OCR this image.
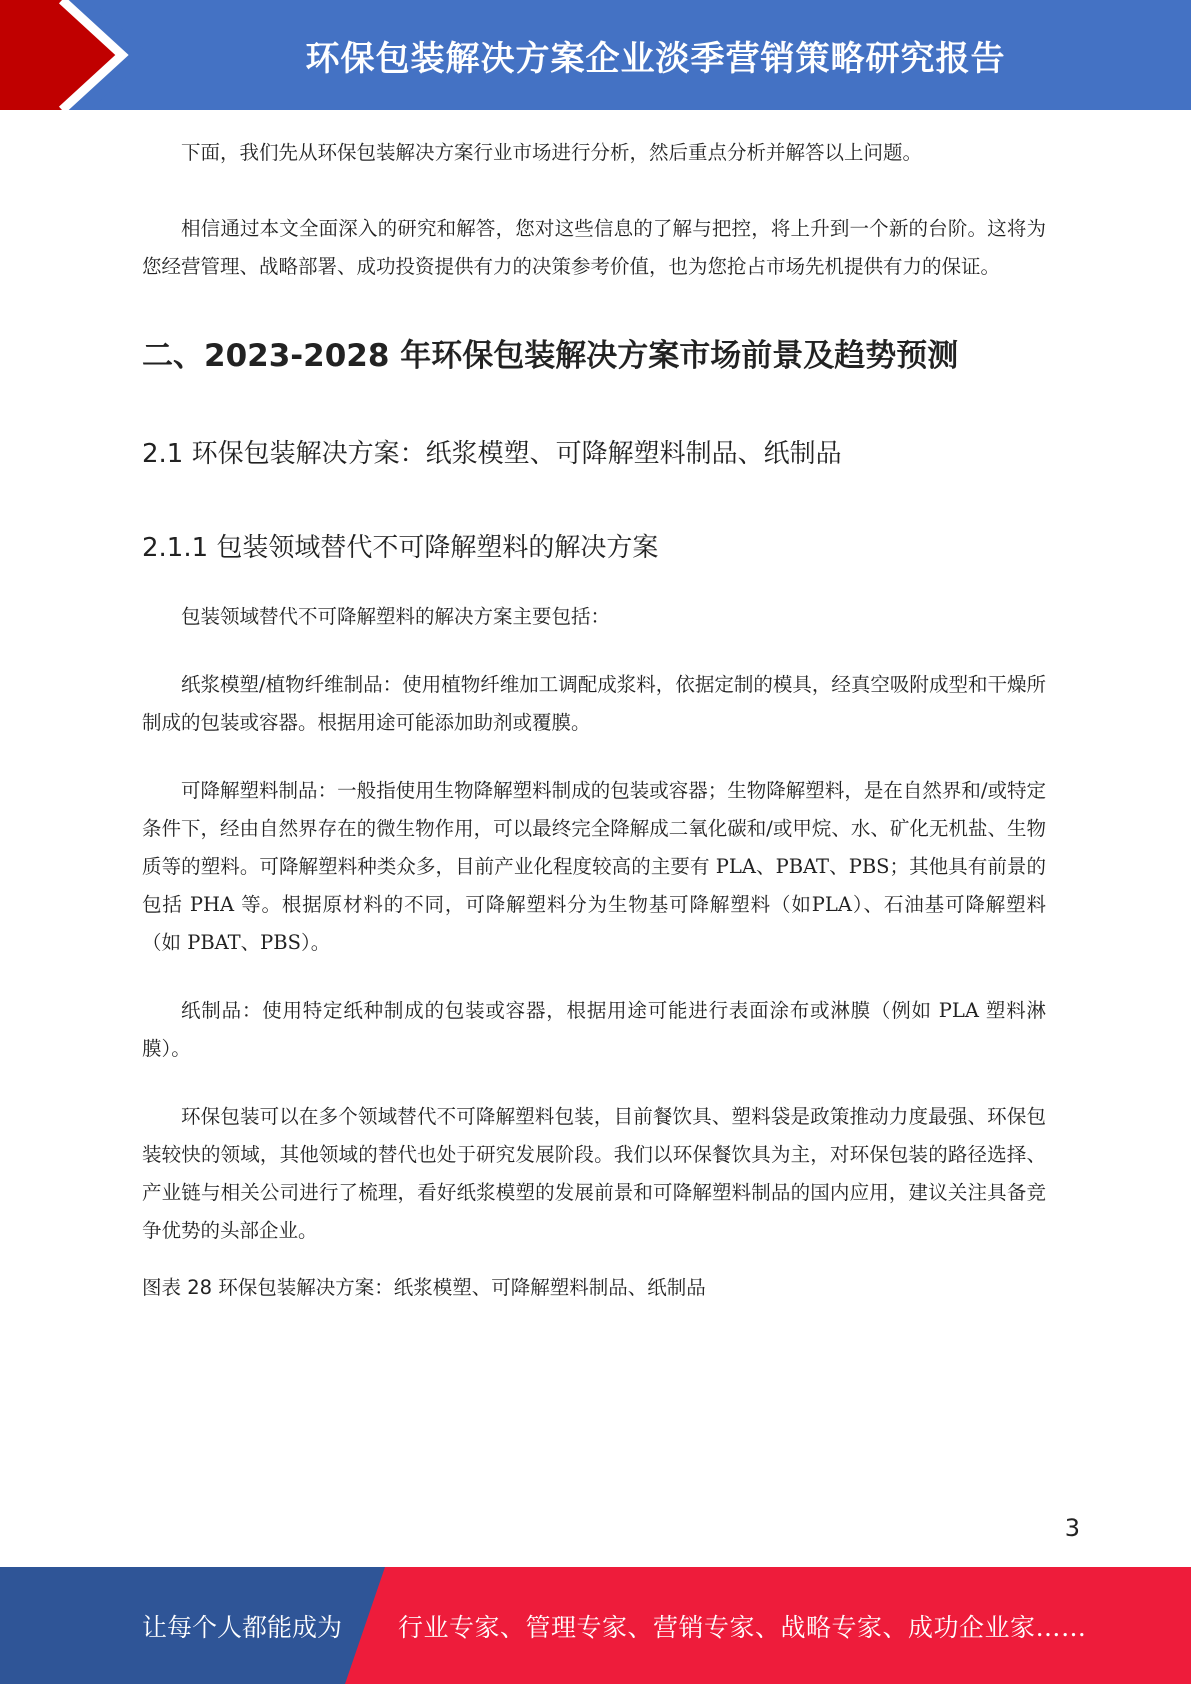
环保包装解决方案企业淡季营销策略研究报告

下面，我们先从环保包装解决方案行业市场进行分析，然后重点分析并解答以上问题。

相信通过本文全面深入的研究和解答，您对这些信息的了解与把控，将上升到一个新的台阶。这将为您经营管理、战略部署、成功投资提供有力的决策参考价值，也为您抢占市场先机提供有力的保证。

二、2023-2028 年环保包装解决方案市场前景及趋势预测
2.1 环保包装解决方案：纸浆模塑、可降解塑料制品、纸制品
2.1.1 包装领域替代不可降解塑料的解决方案

包装领域替代不可降解塑料的解决方案主要包括：

纸浆模塑/植物纤维制品：使用植物纤维加工调配成浆料，依据定制的模具，经真空吸附成型和干燥所制成的包装或容器。根据用途可能添加助剂或覆膜。

可降解塑料制品：一般指使用生物降解塑料制成的包装或容器；生物降解塑料，是在自然界和/或特定条件下，经由自然界存在的微生物作用，可以最终完全降解成二氧化碳和/或甲烷、水、矿化无机盐、生物质等的塑料。可降解塑料种类众多，目前产业化程度较高的主要有 PLA、PBAT、PBS；其他具有前景的包括 PHA 等。根据原材料的不同，可降解塑料分为生物基可降解塑料（如PLA）、石油基可降解塑料（如 PBAT、PBS）。

纸制品：使用特定纸种制成的包装或容器，根据用途可能进行表面涂布或淋膜（例如 PLA 塑料淋膜）。

环保包装可以在多个领域替代不可降解塑料包装，目前餐饮具、塑料袋是政策推动力度最强、环保包装较快的领域，其他领域的替代也处于研究发展阶段。我们以环保餐饮具为主，对环保包装的路径选择、产业链与相关公司进行了梳理，看好纸浆模塑的发展前景和可降解塑料制品的国内应用，建议关注具备竞争优势的头部企业。

图表 28 环保包装解决方案：纸浆模塑、可降解塑料制品、纸制品

3
让每个人都能成为 行业专家、管理专家、营销专家、战略专家、成功企业家……
